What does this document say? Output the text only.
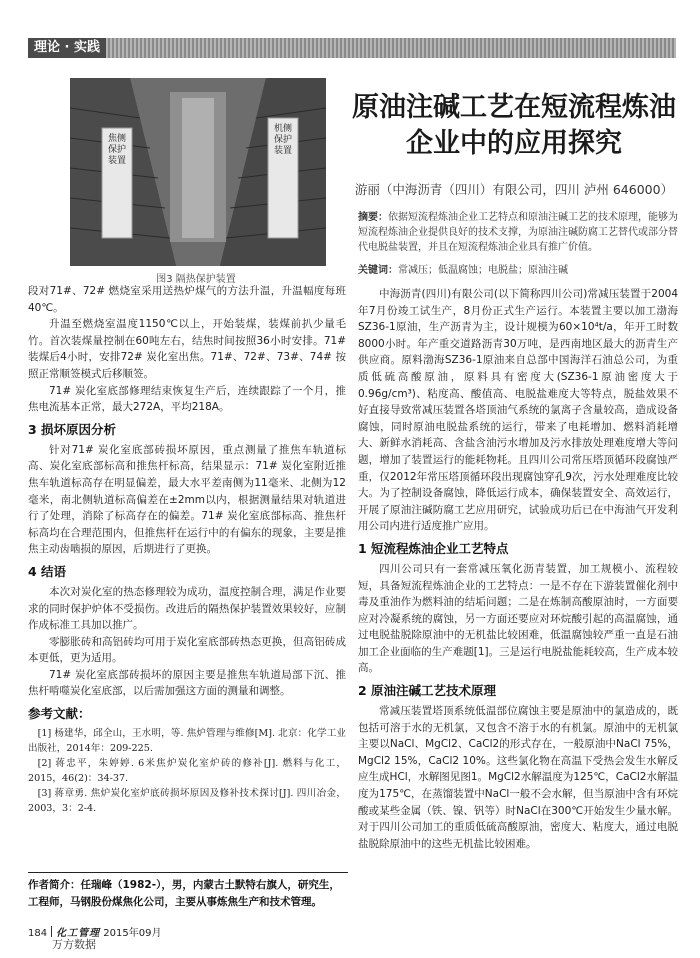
理论 · 实践
焦侧保护装置
机侧保护装置
图3 隔热保护装置

段对71#、72# 燃烧室采用送热炉煤气的方法升温，升温幅度每班40℃。

升温至燃烧室温度1150℃以上，开始装煤，装煤前扒少量毛竹。首次装煤量控制在60吨左右，结焦时间按照36小时安排。71# 装煤后4小时，安排72# 炭化室出焦。71#、72#、73#、74# 按照正常顺签模式后移顺签。

71# 炭化室底部修理结束恢复生产后，连续跟踪了一个月，推焦电流基本正常，最大272A，平均218A。

3 损坏原因分析

针对71# 炭化室底部砖损坏原因，重点测量了推焦车轨道标高、炭化室底部标高和推焦杆标高，结果显示：71# 炭化室附近推焦车轨道标高存在明显偏差，最大水平差南侧为11毫米、北侧为12毫米，南北侧轨道标高偏差在±2mm以内，根据测量结果对轨道进行了处理，消除了标高存在的偏差。71# 炭化室底部标高、推焦杆标高均在合理范围内，但推焦杆在运行中的有偏东的现象，主要是推焦主动齿啮损的原因，后期进行了更换。

4 结语

本次对炭化室的热态修理较为成功，温度控制合理，满足作业要求的同时保护炉体不受损伤。改进后的隔热保护装置效果较好，应制作成标准工具加以推广。

零膨胀砖和高铝砖均可用于炭化室底部砖热态更换，但高铝砖成本更低，更为适用。

71# 炭化室底部砖损坏的原因主要是推焦车轨道局部下沉、推焦杆啃噬炭化室底部，以后需加强这方面的测量和调整。

参考文献：

[1] 杨建华，邱全山，王水明，等. 焦炉管理与维修[M]. 北京：化学工业出版社，2014年：209-225.

[2] 蒋忠平，朱婷婷. 6米焦炉炭化室炉砖的修补[J]. 燃料与化工，2015，46(2)：34-37.

[3] 蒋章勇. 焦炉炭化室炉底砖损坏原因及修补技术探讨[J]. 四川冶金，2003，3：2-4.

作者简介：任瑞峰（1982-），男，内蒙古土默特右旗人，研究生，工程师，马钢股份煤焦化公司，主要从事炼焦生产和技术管理。
原油注碱工艺在短流程炼油企业中的应用探究
游丽（中海沥青（四川）有限公司，四川 泸州 646000）
摘要：依据短流程炼油企业工艺特点和原油注碱工艺的技术原理，能够为短流程炼油企业提供良好的技术支撑，为原油注碱防腐工艺替代或部分替代电脱盐装置，并且在短流程炼油企业具有推广价值。
关键词：常减压；低温腐蚀；电脱盐；原油注碱

中海沥青(四川)有限公司(以下简称四川公司)常减压装置于2004年7月份竣工试生产，8月份正式生产运行。本装置主要以加工渤海SZ36-1原油，生产沥青为主，设计规模为60×10⁴t/a，年开工时数8000小时。年产重交道路沥青30万吨，是西南地区最大的沥青生产供应商。原料渤海SZ36-1原油来自总部中国海洋石油总公司，为重质低硫高酸原油，原料具有密度大(SZ36-1原油密度大于0.96g/cm³)、粘度高、酸值高、电脱盐难度大等特点，脱盐效果不好直接导致常减压装置各塔顶油气系统的氯离子含量较高，造成设备腐蚀，同时原油电脱盐系统的运行，带来了电耗增加、燃料消耗增大、新鲜水消耗高、含盐含油污水增加及污水排放处理难度增大等问题，增加了装置运行的能耗物耗。且四川公司常压塔顶循环段腐蚀严重，仅2012年常压塔顶循环段出现腐蚀穿孔9次，污水处理难度比较大。为了控制设备腐蚀，降低运行成本，确保装置安全、高效运行，开展了原油注碱防腐工艺应用研究，试验成功后已在中海油气开发利用公司内进行适度推广应用。

1 短流程炼油企业工艺特点

四川公司只有一套常减压氧化沥青装置，加工规模小、流程较短，具备短流程炼油企业的工艺特点：一是不存在下游装置催化剂中毒及重油作为燃料油的结垢问题；二是在炼制高酸原油时，一方面要应对冷凝系统的腐蚀，另一方面还要应对环烷酸引起的高温腐蚀，通过电脱盐脱除原油中的无机盐比较困难，低温腐蚀较严重一直是石油加工企业面临的生产难题[1]。三是运行电脱盐能耗较高，生产成本较高。

2 原油注碱工艺技术原理

常减压装置塔顶系统低温部位腐蚀主要是原油中的氯造成的，既包括可溶于水的无机氯，又包含不溶于水的有机氯。原油中的无机氯主要以NaCl、MgCl2、CaCl2的形式存在，一般原油中NaCl 75%，MgCl2 15%，CaCl2 10%。这些氯化物在高温下受热会发生水解反应生成HCl，水解图见图1。MgCl2水解温度为125℃，CaCl2水解温度为175℃，在蒸馏装置中NaCl一般不会水解，但当原油中含有环烷酸或某些金属（铁、镍、钒等）时NaCl在300℃开始发生少量水解。对于四川公司加工的重质低硫高酸原油，密度大、粘度大，通过电脱盐脱除原油中的这些无机盐比较困难。

184 化工管理 2015年09月
万方数据
